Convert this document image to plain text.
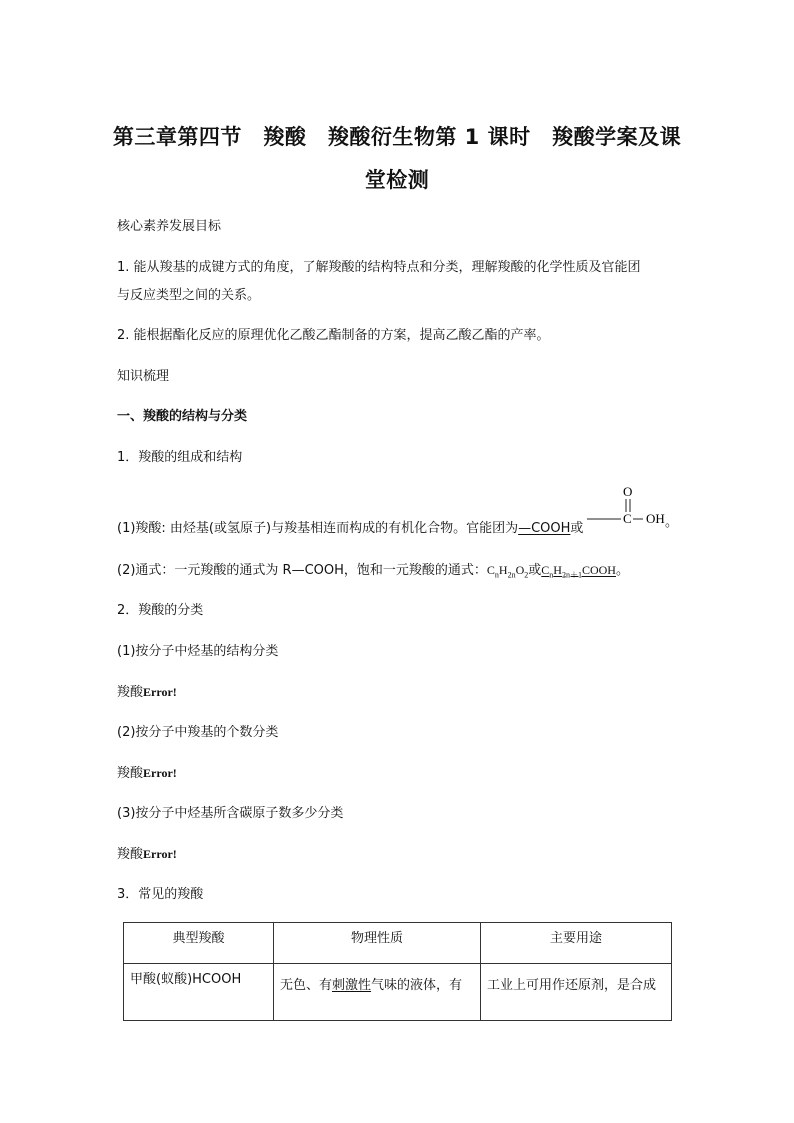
第三章第四节　羧酸　羧酸衍生物第 1 课时　羧酸学案及课
堂检测
核心素养发展目标
1. 能从羧基的成键方式的角度，了解羧酸的结构特点和分类，理解羧酸的化学性质及官能团
与反应类型之间的关系。
2. 能根据酯化反应的原理优化乙酸乙酯制备的方案，提高乙酸乙酯的产率。
知识梳理
一、羧酸的结构与分类
1．羧酸的组成和结构
(1)羧酸: 由烃基(或氢原子)与羧基相连而构成的有机化合物。官能团为—COOH或
O
C OH 。
(2)通式：一元羧酸的通式为 R—COOH，饱和一元羧酸的通式：$C_nH_{2n}O_2$或$C_nH_{2n+1}COOH$。
2．羧酸的分类
(1)按分子中烃基的结构分类
羧酸Error!
(2)按分子中羧基的个数分类
羧酸Error!
(3)按分子中烃基所含碳原子数多少分类
羧酸Error!
3．常见的羧酸
典型羧酸	物理性质	主要用途
甲酸(蚁酸)HCOOH	无色、有刺激性气味的液体，有	工业上可用作还原剂，是合成
